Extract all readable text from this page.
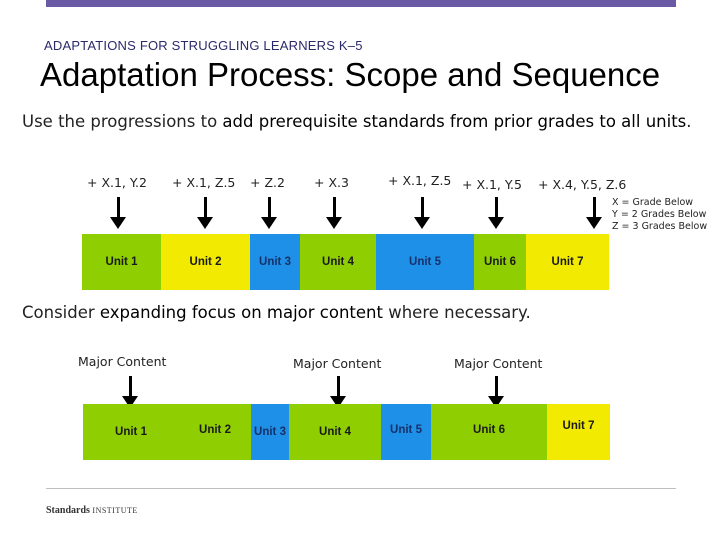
ADAPTATIONS FOR STRUGGLING LEARNERS K–5
Adaptation Process: Scope and Sequence
Use the progressions to add prerequisite standards from prior grades to all units.
+ X.1, Y.2 + X.1, Z.5 + Z.2 + X.3	+ X.1, Z.5 + X.1, Y.5 + X.4, Y.5, Z.6
X = Grade Below
Y = 2 Grades Below
Z = 3 Grades Below
Unit 1	Unit 2	Unit 3	Unit 4	Unit 5	Unit 6	Unit 7
Consider expanding focus on major content where necessary.
Major Content	Major Content	Major Content
Unit 1	Unit 2	Unit 3	Unit 4	Unit 5	Unit 6	Unit 7
Standards INSTITUTE
